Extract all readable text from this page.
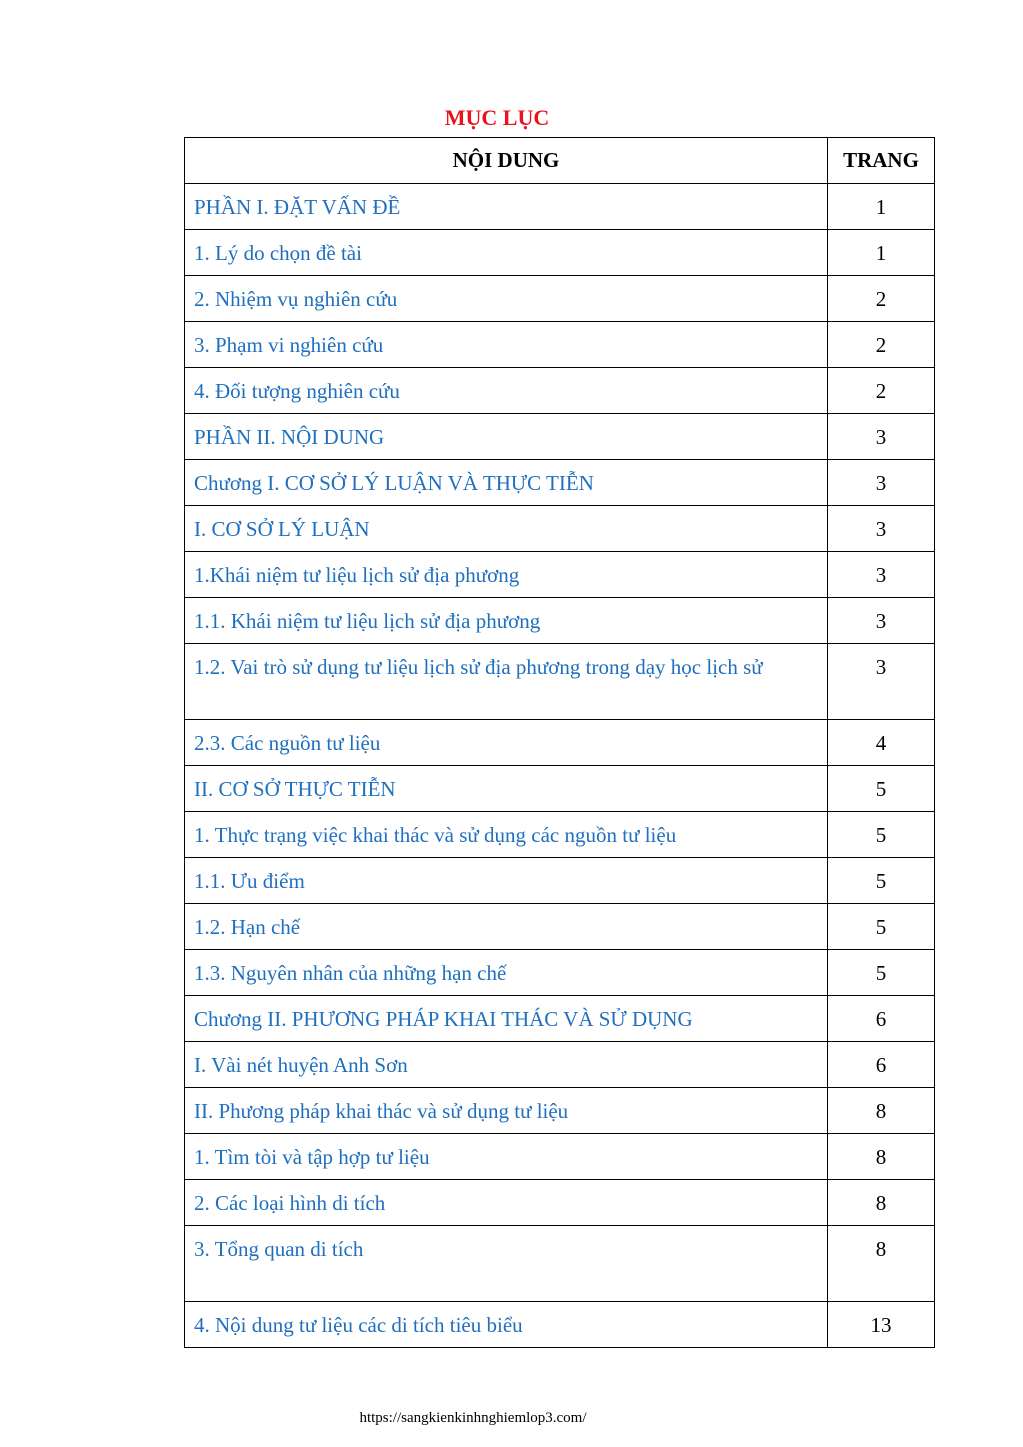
MỤC LỤC
NỘI DUNG	TRANG
PHẦN I. ĐẶT VẤN ĐỀ	1
1. Lý do chọn đề tài	1
2. Nhiệm vụ nghiên cứu	2
3. Phạm vi nghiên cứu	2
4. Đối tượng nghiên cứu	2
PHẦN II. NỘI DUNG	3
Chương I. CƠ SỞ LÝ LUẬN VÀ THỰC TIỄN	3
I. CƠ SỞ LÝ LUẬN	3
1.Khái niệm tư liệu lịch sử địa phương	3
1.1. Khái niệm tư liệu lịch sử địa phương	3
1.2. Vai trò sử dụng tư liệu lịch sử địa phương trong dạy học lịch sử	3
2.3. Các nguồn tư liệu	4
II. CƠ SỞ THỰC TIỄN	5
1. Thực trạng việc khai thác và sử dụng các nguồn tư liệu	5
1.1. Ưu điểm	5
1.2. Hạn chế	5
1.3. Nguyên nhân của những hạn chế	5
Chương II. PHƯƠNG PHÁP KHAI THÁC VÀ SỬ DỤNG	6
I. Vài nét huyện Anh Sơn	6
II. Phương pháp khai thác và sử dụng tư liệu	8
1. Tìm tòi và tập hợp tư liệu	8
2. Các loại hình di tích	8
3. Tổng quan di tích	8
4. Nội dung tư liệu các di tích tiêu biểu	13
https://sangkienkinhnghiemlop3.com/
